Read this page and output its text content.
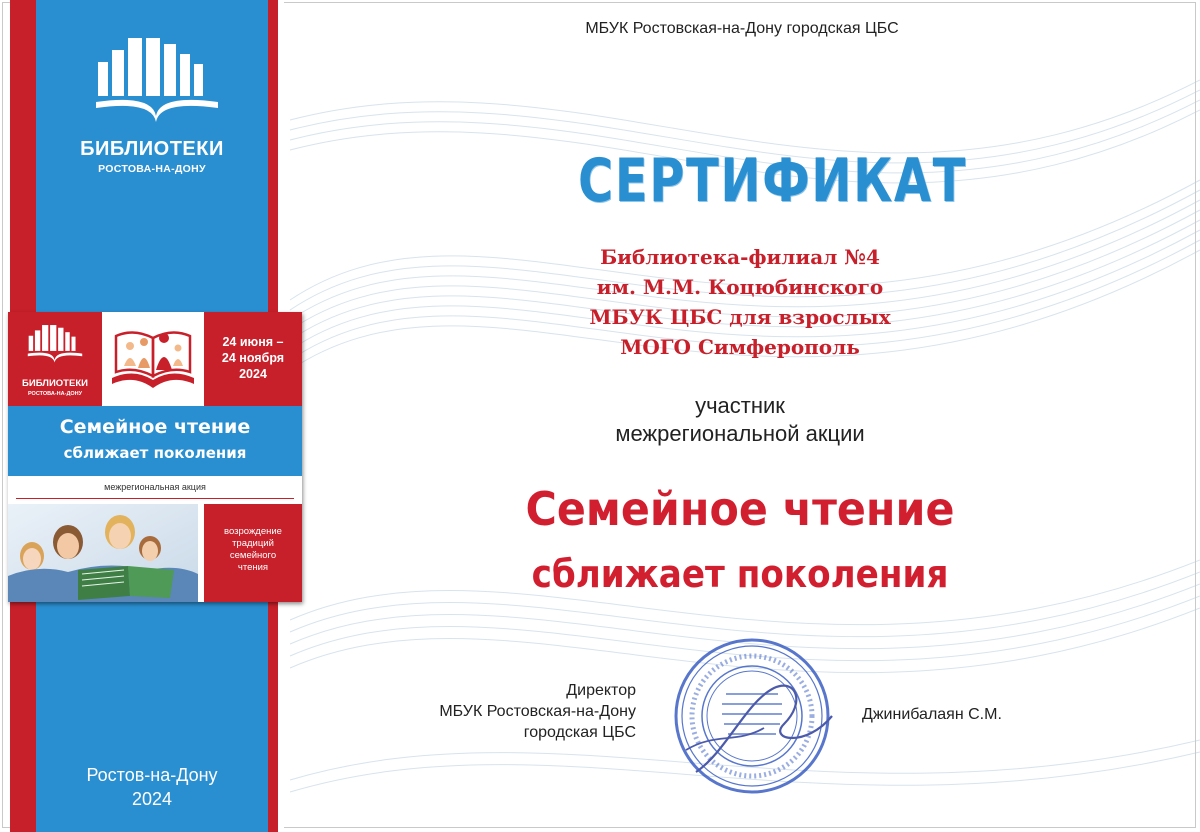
БИБЛИОТЕКИ
РОСТОВА-НА-ДОНУ
Ростов-на-Дону
2024
БИБЛИОТЕКИ
РОСТОВА-НА-ДОНУ
24 июня –
24 ноября
2024
Семейное чтение
сближает поколения
межрегиональная акция
возрождение
традиций
семейного
чтения
МБУК Ростовская-на-Дону городская ЦБС
СЕРТИФИКАТ
Библиотека-филиал №4
им. М.М. Коцюбинского
МБУК ЦБС для взрослых
МОГО Симферополь
участник
межрегиональной акции
Семейное чтение
сближает поколения
Директор
МБУК Ростовская-на-Дону
городская ЦБС
Джинибалаян С.М.
